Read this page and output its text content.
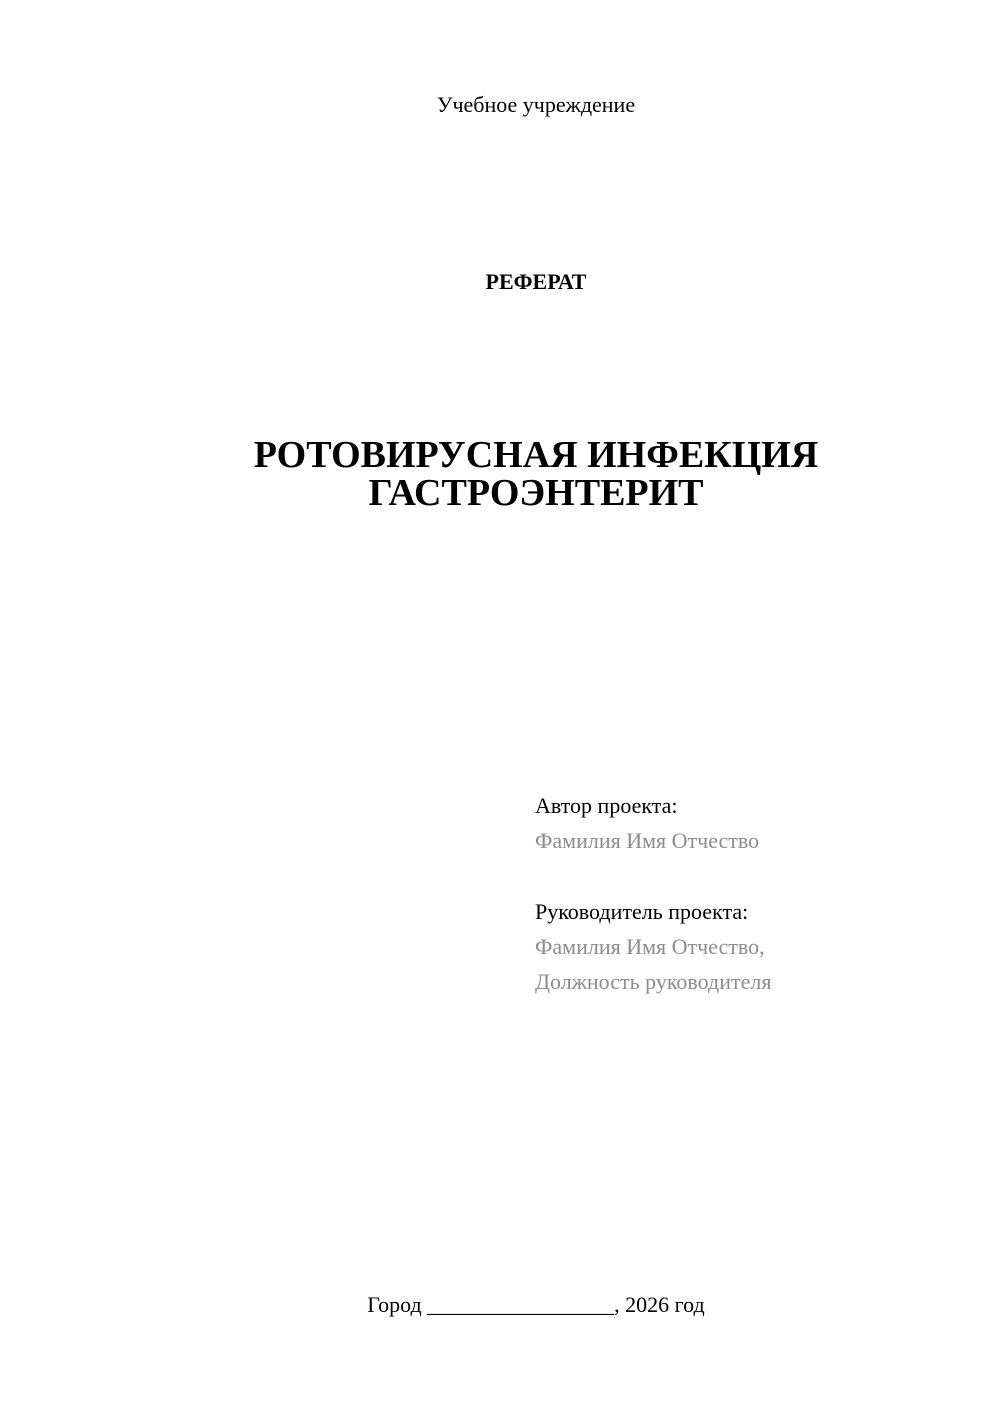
Учебное учреждение
РЕФЕРАТ
РОТОВИРУСНАЯ ИНФЕКЦИЯ
ГАСТРОЭНТЕРИТ
Автор проекта:
Фамилия Имя Отчество
Руководитель проекта:
Фамилия Имя Отчество,
Должность руководителя
Город _________________, 2026 год
